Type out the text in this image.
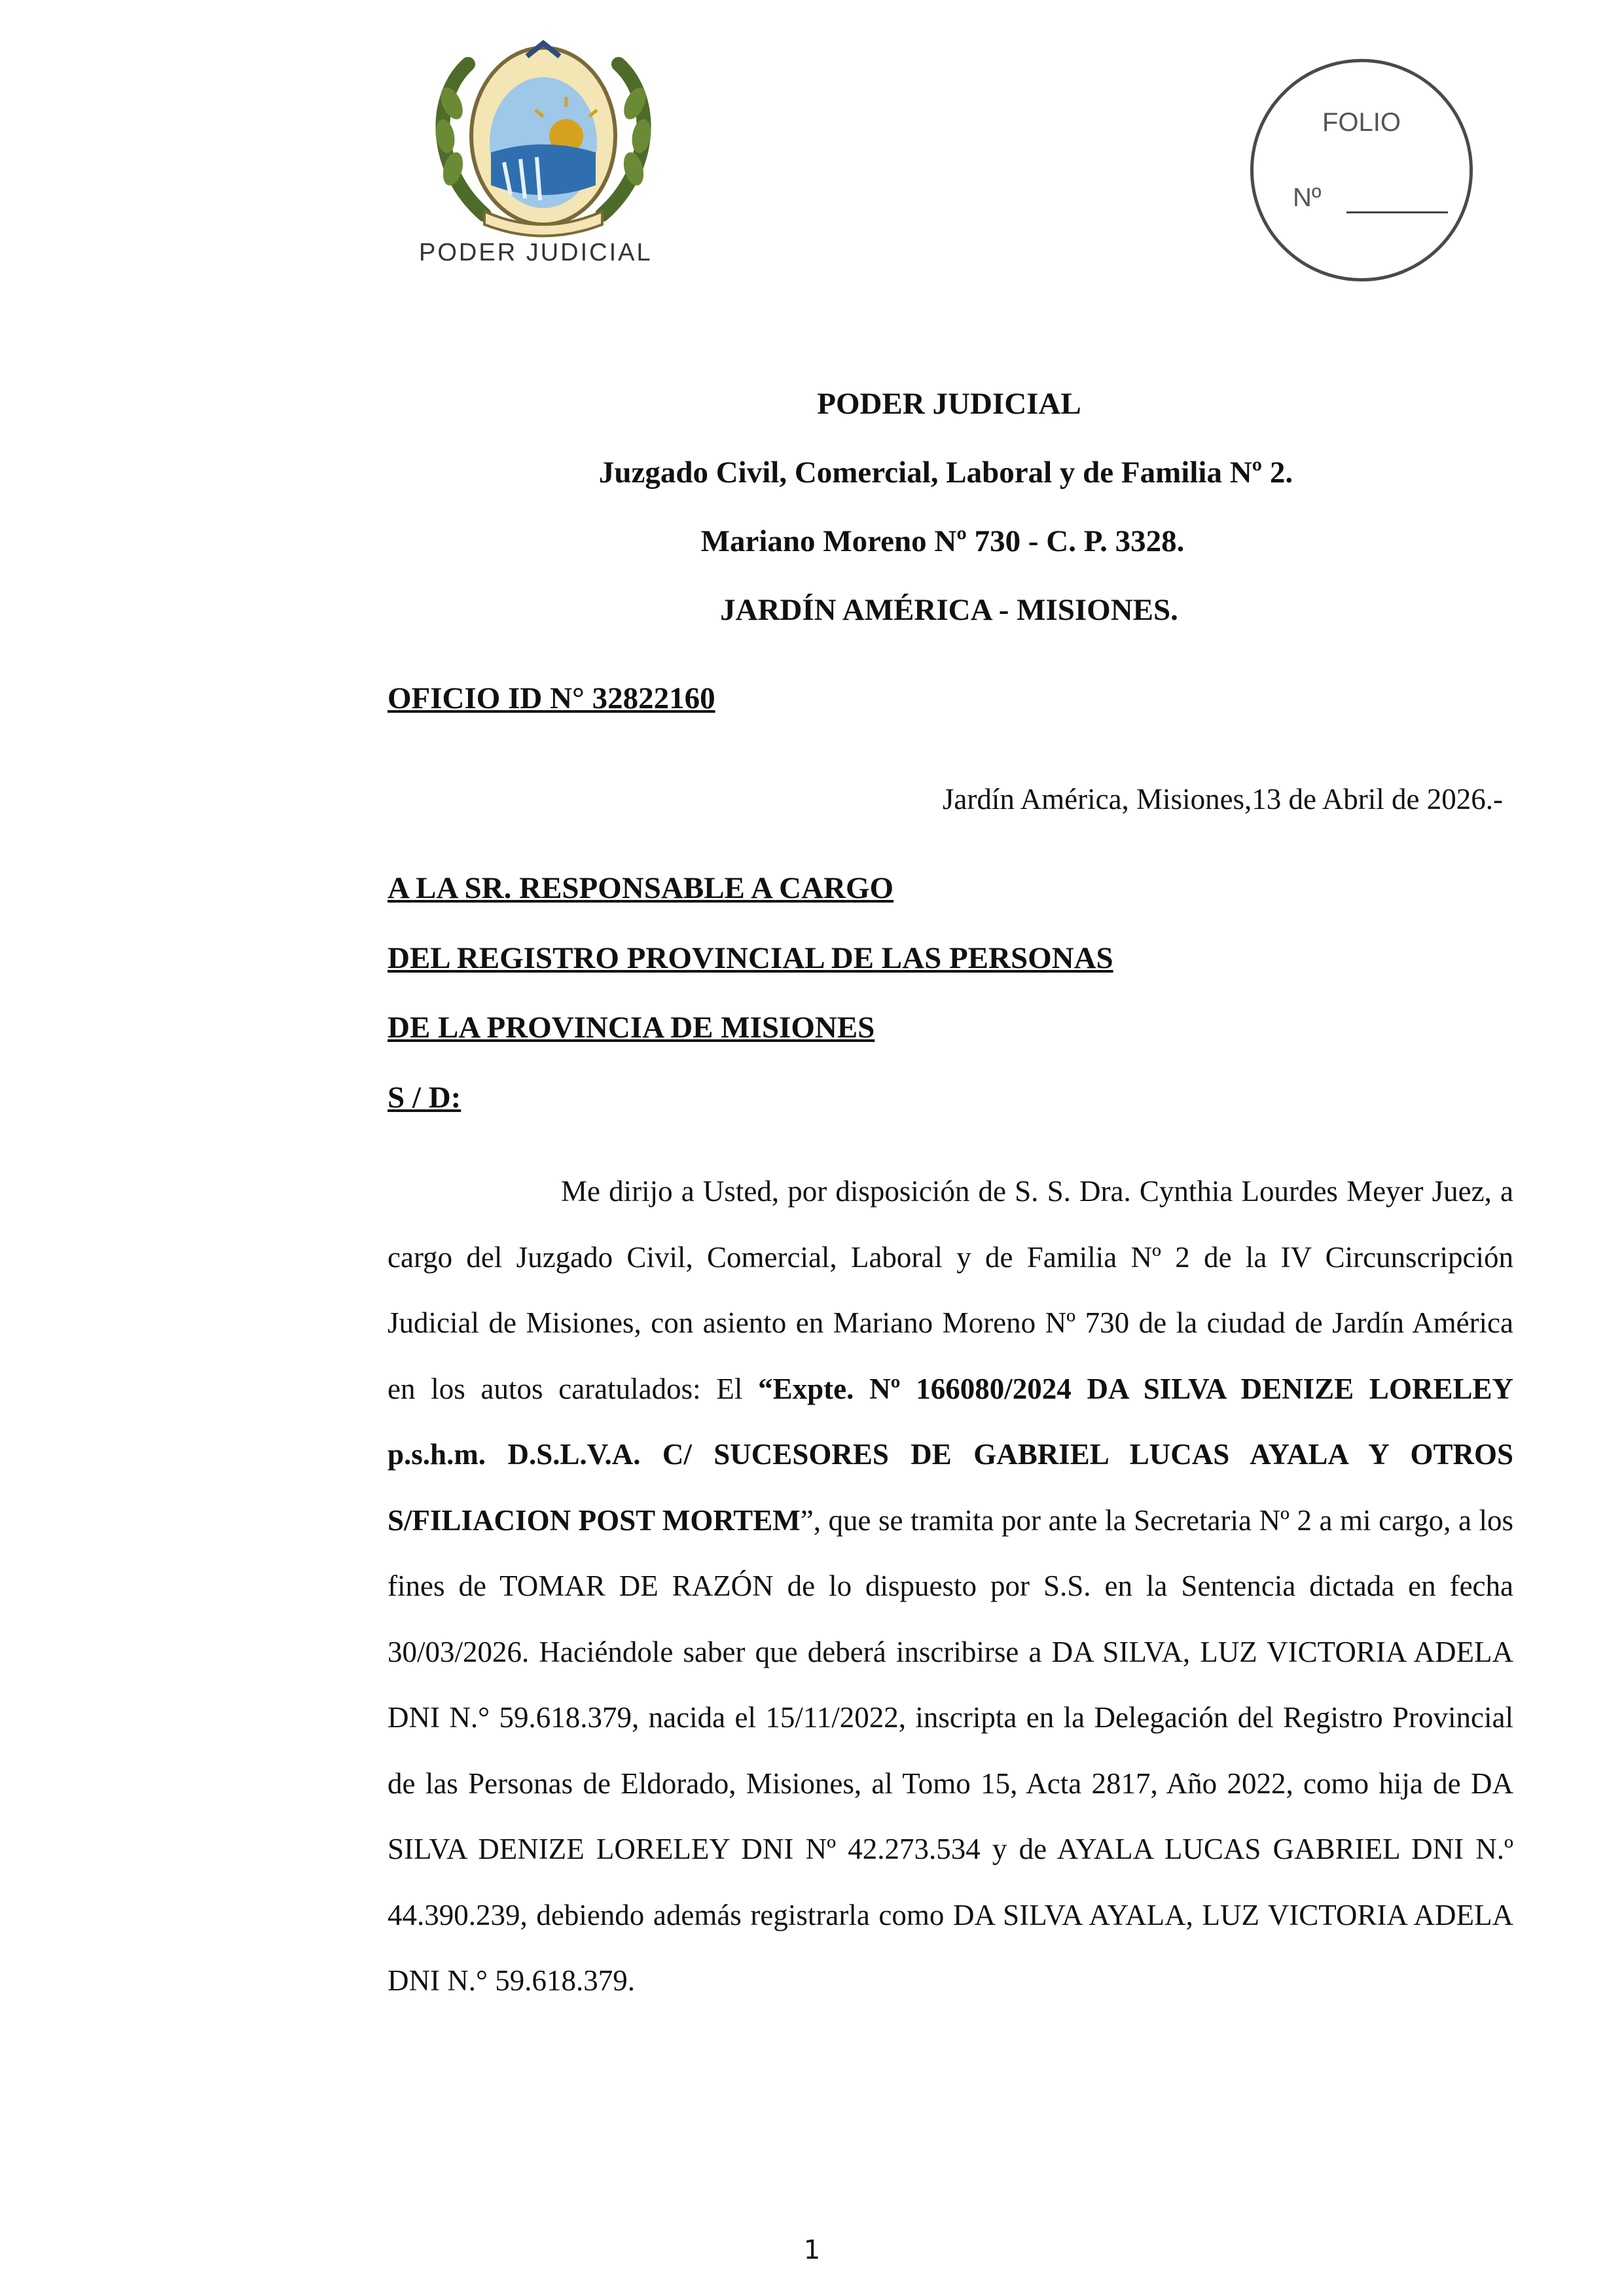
PODER JUDICIAL
FOLIO
Nº
PODER JUDICIAL
Juzgado Civil, Comercial, Laboral y de Familia Nº 2.
Mariano Moreno Nº 730 - C. P. 3328.
JARDÍN AMÉRICA - MISIONES.
OFICIO ID N° 32822160
Jardín América, Misiones,13 de Abril de 2026.-
A LA SR. RESPONSABLE A CARGO
DEL REGISTRO PROVINCIAL DE LAS PERSONAS
DE LA PROVINCIA DE MISIONES
S / D:
Me dirijo a Usted, por disposición de S. S. Dra. Cynthia Lourdes Meyer Juez, a cargo del Juzgado Civil, Comercial, Laboral y de Familia Nº 2 de la IV Circunscripción Judicial de Misiones, con asiento en Mariano Moreno Nº 730 de la ciudad de Jardín América en los autos caratulados: El “Expte. Nº 166080/2024 DA SILVA DENIZE LORELEY p.s.h.m. D.S.L.V.A. C/ SUCESORES DE GABRIEL LUCAS AYALA Y OTROS S/FILIACION POST MORTEM”, que se tramita por ante la Secretaria Nº 2 a mi cargo, a los fines de TOMAR DE RAZÓN de lo dispuesto por S.S. en la Sentencia dictada en fecha 30/03/2026. Haciéndole saber que deberá inscribirse a DA SILVA, LUZ VICTORIA ADELA DNI N.° 59.618.379, nacida el 15/11/2022, inscripta en la Delegación del Registro Provincial de las Personas de Eldorado, Misiones, al Tomo 15, Acta 2817, Año 2022, como hija de DA SILVA DENIZE LORELEY DNI Nº 42.273.534 y de AYALA LUCAS GABRIEL DNI N.º 44.390.239, debiendo además registrarla como DA SILVA AYALA, LUZ VICTORIA ADELA DNI N.° 59.618.379.
1
